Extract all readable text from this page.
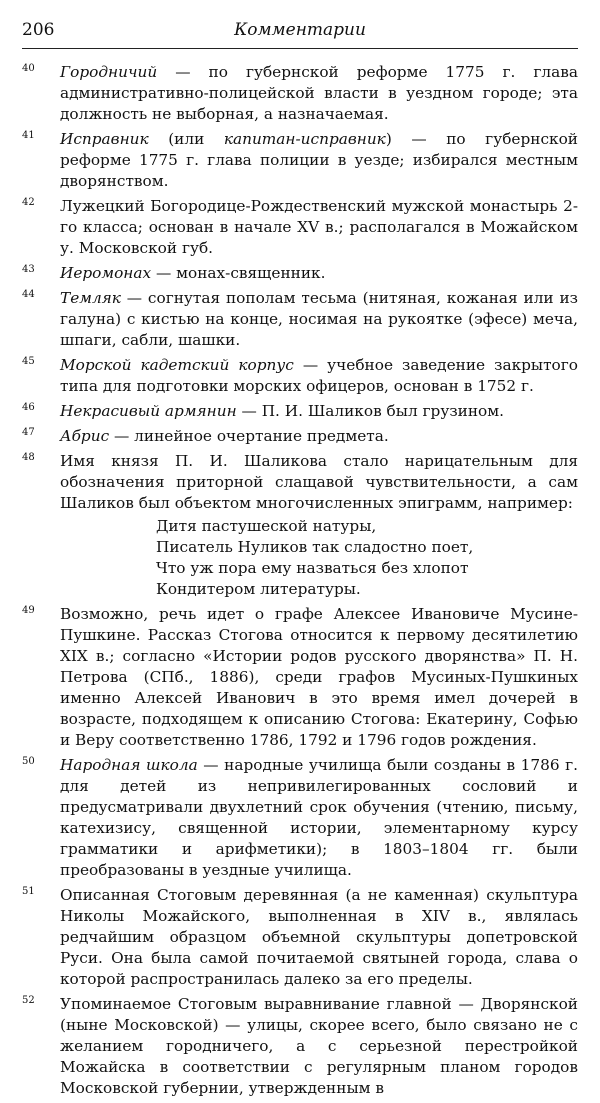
206	Комментарии
40 Городничий — по губернской реформе 1775 г. глава административно-полицейской власти в уездном городе; эта должность не выборная, а назначаемая.
41 Исправник (или капитан-исправник) — по губернской реформе 1775 г. глава полиции в уезде; избирался местным дворянством.
42 Лужецкий Богородице-Рождественский мужской монастырь 2-го класса; основан в начале XV в.; располагался в Можайском у. Московской губ.
43 Иеромонах — монах-священник.
44 Темляк — согнутая пополам тесьма (нитяная, кожаная или из галуна) с кистью на конце, носимая на рукоятке (эфесе) меча, шпаги, сабли, шашки.
45 Морской кадетский корпус — учебное заведение закрытого типа для подготовки морских офицеров, основан в 1752 г.
46 Некрасивый армянин — П. И. Шаликов был грузином.
47 Абрис — линейное очертание предмета.
48 Имя князя П. И. Шаликова стало нарицательным для обозначения приторной слащавой чувствительности, а сам Шаликов был объектом многочисленных эпиграмм, например:
Дитя пастушеской натуры,
Писатель Нуликов так сладостно поет,
Что уж пора ему назваться без хлопот
Кондитером литературы.
49 Возможно, речь идет о графе Алексее Ивановиче Мусине-Пушкине. Рассказ Стогова относится к первому десятилетию XIX в.; согласно «Истории родов русского дворянства» П. Н. Петрова (СПб., 1886), среди графов Мусиных-Пушкиных именно Алексей Иванович в это время имел дочерей в возрасте, подходящем к описанию Стогова: Екатерину, Софью и Веру соответственно 1786, 1792 и 1796 годов рождения.
50 Народная школа — народные училища были созданы в 1786 г. для детей из непривилегированных сословий и предусматривали двухлетний срок обучения (чтению, письму, катехизису, священной истории, элементарному курсу грамматики и арифметики); в 1803–1804 гг. были преобразованы в уездные училища.
51 Описанная Стоговым деревянная (а не каменная) скульптура Николы Можайского, выполненная в XIV в., являлась редчайшим образцом объемной скульптуры допетровской Руси. Она была самой почитаемой святыней города, слава о которой распространилась далеко за его пределы.
52 Упоминаемое Стоговым выравнивание главной — Дворянской (ныне Московской) — улицы, скорее всего, было связано не с желанием городничего, а с серьезной перестройкой Можайска в соответствии с регулярным планом городов Московской губернии, утвержденным в
